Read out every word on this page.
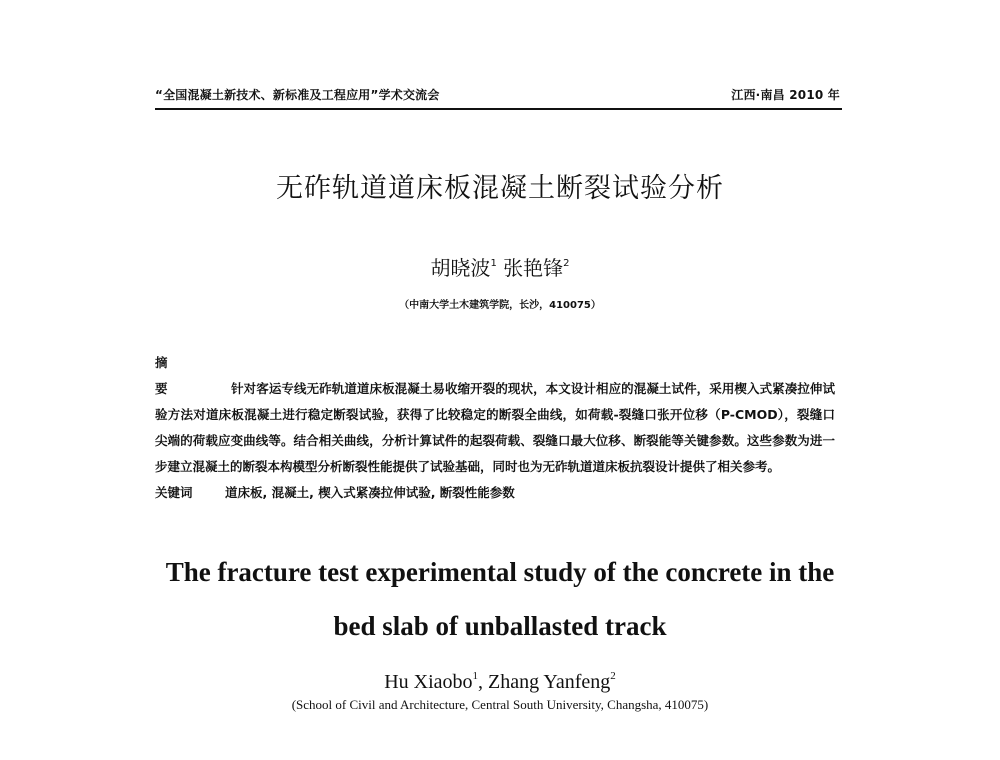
“全国混凝土新技术、新标准及工程应用”学术交流会	江西·南昌 2010 年
无砟轨道道床板混凝土断裂试验分析
胡晓波$^1$ 张艳锋$^2$
（中南大学土木建筑学院，长沙，410075）
摘 要	针对客运专线无砟轨道道床板混凝土易收缩开裂的现状，本文设计相应的混凝土试件，采用楔入式紧凑拉伸试验方法对道床板混凝土进行稳定断裂试验，获得了比较稳定的断裂全曲线，如荷载-裂缝口张开位移（P-CMOD），裂缝口尖端的荷载应变曲线等。结合相关曲线，分析计算试件的起裂荷载、裂缝口最大位移、断裂能等关键参数。这些参数为进一步建立混凝土的断裂本构模型分析断裂性能提供了试验基础，同时也为无砟轨道道床板抗裂设计提供了相关参考。
关键词	道床板, 混凝土, 楔入式紧凑拉伸试验, 断裂性能参数
The fracture test experimental study of the concrete in the
bed slab of unballasted track
Hu Xiaobo$^1$, Zhang Yanfeng$^2$
(School of Civil and Architecture, Central South University, Changsha, 410075)
